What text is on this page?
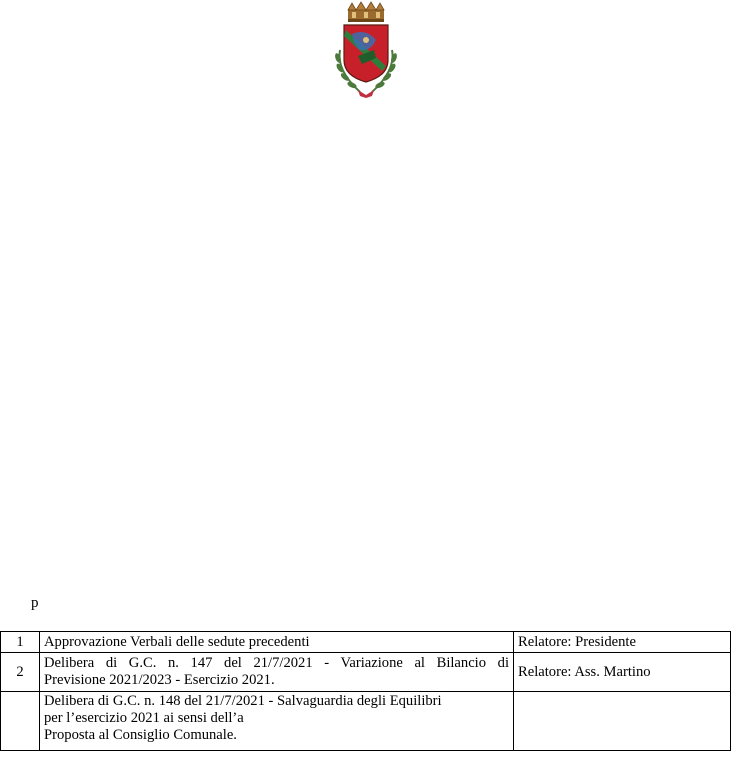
p
1	Approvazione Verbali delle sedute precedenti	Relatore: Presidente
2	Delibera di G.C. n. 147 del 21/7/2021 - Variazione al Bilancio di
Previsione 2021/2023 - Esercizio 2021.	Relatore: Ass. Martino

	Delibera di G.C. n. 148 del 21/7/2021 - Salvaguardia degli Equilibri
per l’esercizio 2021 ai sensi dell’a
Proposta al Consiglio Comunale.	
